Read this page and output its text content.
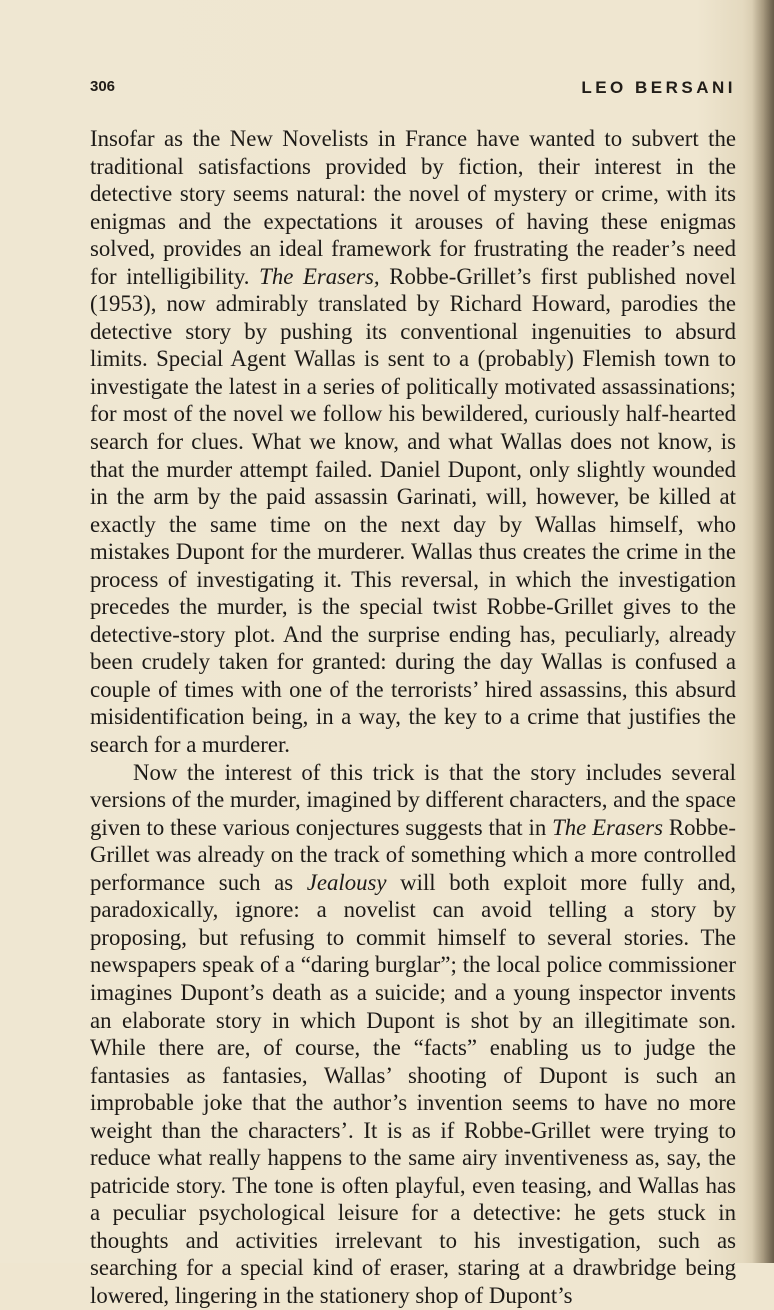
306	LEO BERSANI

Insofar as the New Novelists in France have wanted to subvert the traditional satisfactions provided by fiction, their interest in the detective story seems natural: the novel of mystery or crime, with its enigmas and the expectations it arouses of having these enigmas solved, provides an ideal framework for frustrating the reader’s need for intelligibility. The Erasers, Robbe-Grillet’s first published novel (1953), now admirably translated by Richard Howard, parodies the detective story by pushing its conventional ingenuities to absurd limits. Special Agent Wallas is sent to a (probably) Flemish town to investigate the latest in a series of politically motivated assassinations; for most of the novel we follow his bewildered, curiously half-hearted search for clues. What we know, and what Wallas does not know, is that the murder attempt failed. Daniel Dupont, only slightly wounded in the arm by the paid assassin Garinati, will, however, be killed at exactly the same time on the next day by Wallas himself, who mistakes Dupont for the murderer. Wallas thus creates the crime in the process of investigating it. This reversal, in which the investigation precedes the murder, is the special twist Robbe-Grillet gives to the detective-story plot. And the surprise ending has, peculiarly, already been crudely taken for granted: during the day Wallas is confused a couple of times with one of the terrorists’ hired assassins, this absurd misidentification being, in a way, the key to a crime that justifies the search for a murderer.

Now the interest of this trick is that the story includes several versions of the murder, imagined by different characters, and the space given to these various conjectures suggests that in The Erasers Robbe-Grillet was already on the track of something which a more controlled performance such as Jealousy will both exploit more fully and, paradoxically, ignore: a novelist can avoid telling a story by proposing, but refusing to commit himself to several stories. The newspapers speak of a “daring burglar”; the local police commissioner imagines Dupont’s death as a suicide; and a young inspector invents an elaborate story in which Dupont is shot by an illegitimate son. While there are, of course, the “facts” enabling us to judge the fantasies as fantasies, Wallas’ shooting of Dupont is such an improbable joke that the author’s invention seems to have no more weight than the characters’. It is as if Robbe-Grillet were trying to reduce what really happens to the same airy inventiveness as, say, the patricide story. The tone is often playful, even teasing, and Wallas has a peculiar psychological leisure for a detective: he gets stuck in thoughts and activities irrelevant to his investigation, such as searching for a special kind of eraser, staring at a drawbridge being lowered, lingering in the stationery shop of Dupont’s
